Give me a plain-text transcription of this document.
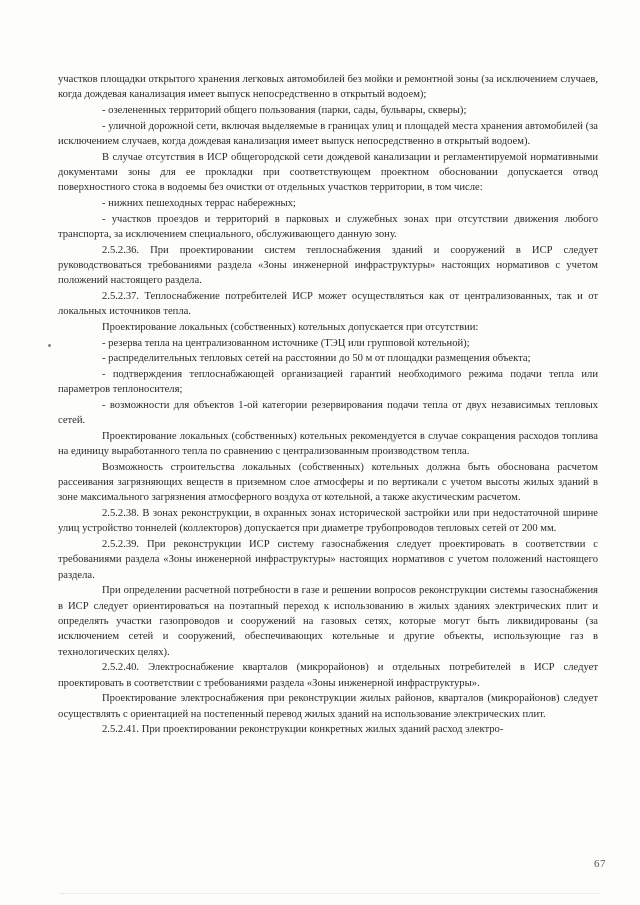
участков площадки открытого хранения легковых автомобилей без мойки и ремонтной зоны (за исключением случаев, когда дождевая канализация имеет выпуск непосредственно в открытый водоем);

- озелененных территорий общего пользования (парки, сады, бульвары, скверы);

- уличной дорожной сети, включая выделяемые в границах улиц и площадей места хранения автомобилей (за исключением случаев, когда дождевая канализация имеет выпуск непосредственно в открытый водоем).

В случае отсутствия в ИСР общегородской сети дождевой канализации и регламентируемой нормативными документами зоны для ее прокладки при соответствующем проектном обосновании допускается отвод поверхностного стока в водоемы без очистки от отдельных участков территории, в том числе:

- нижних пешеходных террас набережных;

- участков проездов и территорий в парковых и служебных зонах при отсутствии движения любого транспорта, за исключением специального, обслуживающего данную зону.

2.5.2.36. При проектировании систем теплоснабжения зданий и сооружений в ИСР следует руководствоваться требованиями раздела «Зоны инженерной инфраструктуры» настоящих нормативов с учетом положений настоящего раздела.

2.5.2.37. Теплоснабжение потребителей ИСР может осуществляться как от централизованных, так и от локальных источников тепла.

Проектирование локальных (собственных) котельных допускается при отсутствии:

- резерва тепла на централизованном источнике (ТЭЦ или групповой котельной);

- распределительных тепловых сетей на расстоянии до 50 м от площадки размещения объекта;

- подтверждения теплоснабжающей организацией гарантий необходимого режима подачи тепла или параметров теплоносителя;

- возможности для объектов 1-ой категории резервирования подачи тепла от двух независимых тепловых сетей.

Проектирование локальных (собственных) котельных рекомендуется в случае сокращения расходов топлива на единицу выработанного тепла по сравнению с централизованным производством тепла.

Возможность строительства локальных (собственных) котельных должна быть обоснована расчетом рассеивания загрязняющих веществ в приземном слое атмосферы и по вертикали с учетом высоты жилых зданий в зоне максимального загрязнения атмосферного воздуха от котельной, а также акустическим расчетом.

2.5.2.38. В зонах реконструкции, в охранных зонах исторической застройки или при недостаточной ширине улиц устройство тоннелей (коллекторов) допускается при диаметре трубопроводов тепловых сетей от 200 мм.

2.5.2.39. При реконструкции ИСР систему газоснабжения следует проектировать в соответствии с требованиями раздела «Зоны инженерной инфраструктуры» настоящих нормативов с учетом положений настоящего раздела.

При определении расчетной потребности в газе и решении вопросов реконструкции системы газоснабжения в ИСР следует ориентироваться на поэтапный переход к использованию в жилых зданиях электрических плит и определять участки газопроводов и сооружений на газовых сетях, которые могут быть ликвидированы (за исключением сетей и сооружений, обеспечивающих котельные и другие объекты, использующие газ в технологических целях).

2.5.2.40. Электроснабжение кварталов (микрорайонов) и отдельных потребителей в ИСР следует проектировать в соответствии с требованиями раздела «Зоны инженерной инфраструктуры».

Проектирование электроснабжения при реконструкции жилых районов, кварталов (микрорайонов) следует осуществлять с ориентацией на постепенный перевод жилых зданий на использование электрических плит.

2.5.2.41. При проектировании реконструкции конкретных жилых зданий расход электро-

67
